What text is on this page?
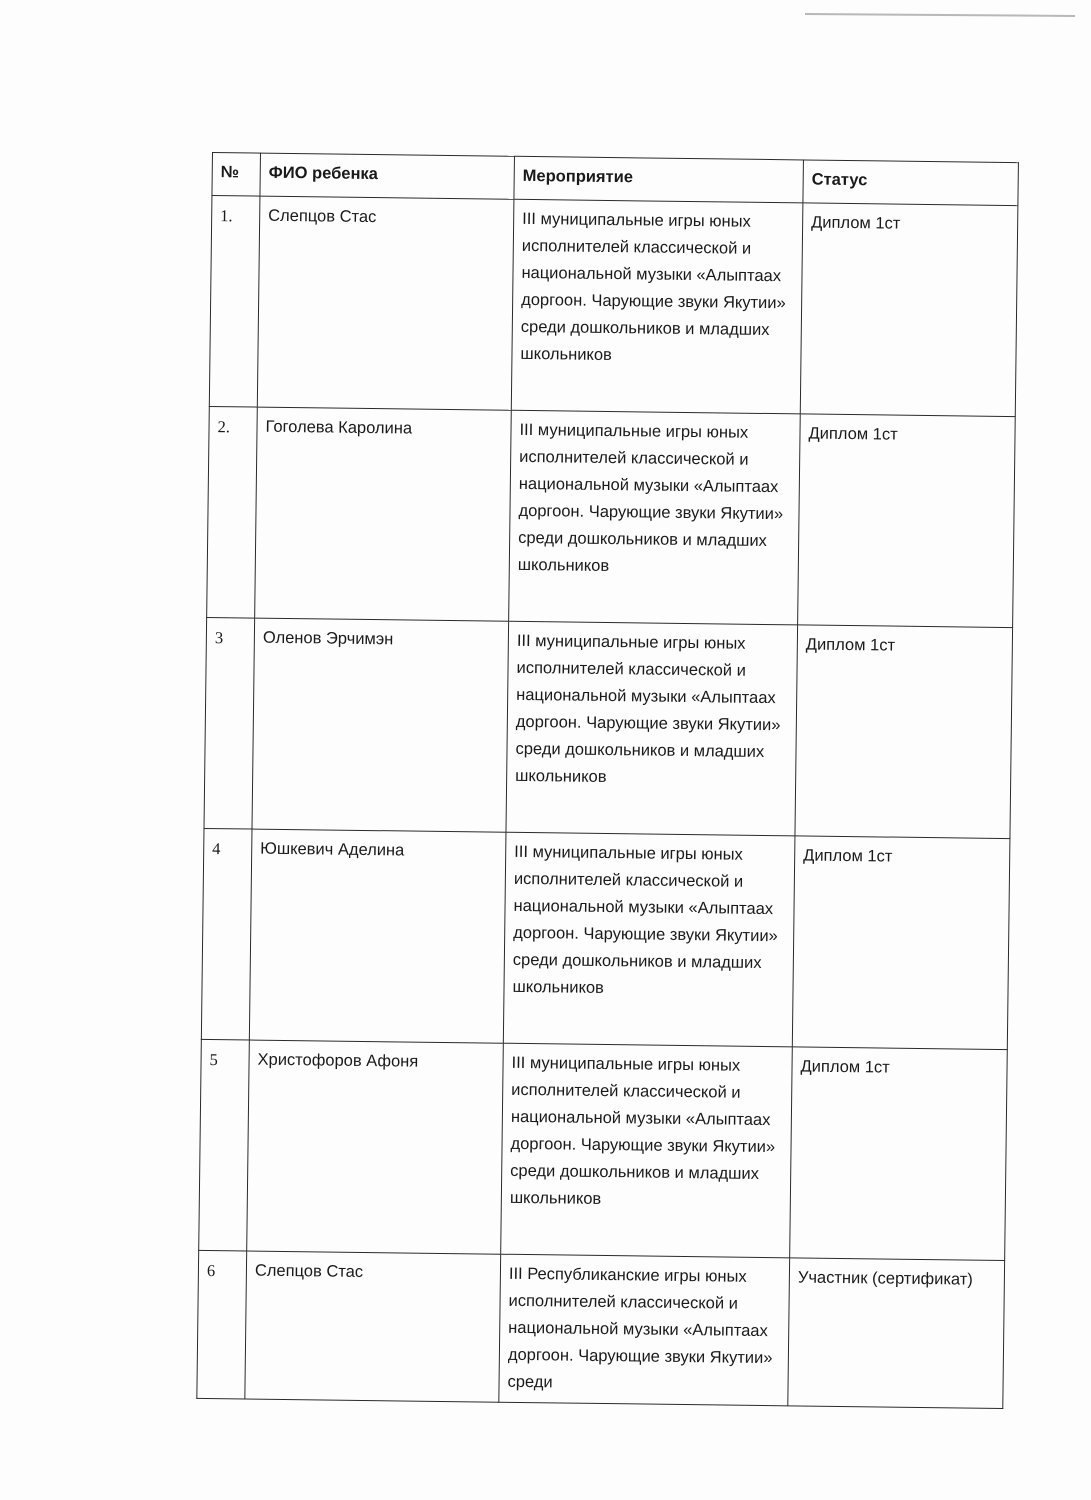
№	ФИО ребенка	Мероприятие	Статус
1.	Слепцов Стас	III муниципальные игры юных исполнителей классической и национальной музыки «Алыптаах доргоон. Чарующие звуки Якутии» среди дошкольников и младших школьников	Диплом 1ст
2.	Гоголева Каролина	III муниципальные игры юных исполнителей классической и национальной музыки «Алыптаах доргоон. Чарующие звуки Якутии» среди дошкольников и младших школьников	Диплом 1ст
3	Оленов Эрчимэн	III муниципальные игры юных исполнителей классической и национальной музыки «Алыптаах доргоон. Чарующие звуки Якутии» среди дошкольников и младших школьников	Диплом 1ст
4	Юшкевич Аделина	III муниципальные игры юных исполнителей классической и национальной музыки «Алыптаах доргоон. Чарующие звуки Якутии» среди дошкольников и младших школьников	Диплом 1ст
5	Христофоров Афоня	III муниципальные игры юных исполнителей классической и национальной музыки «Алыптаах доргоон. Чарующие звуки Якутии» среди дошкольников и младших школьников	Диплом 1ст
6	Слепцов Стас	III Республиканские игры юных исполнителей классической и национальной музыки «Алыптаах доргоон. Чарующие звуки Якутии» среди	Участник (сертификат)
